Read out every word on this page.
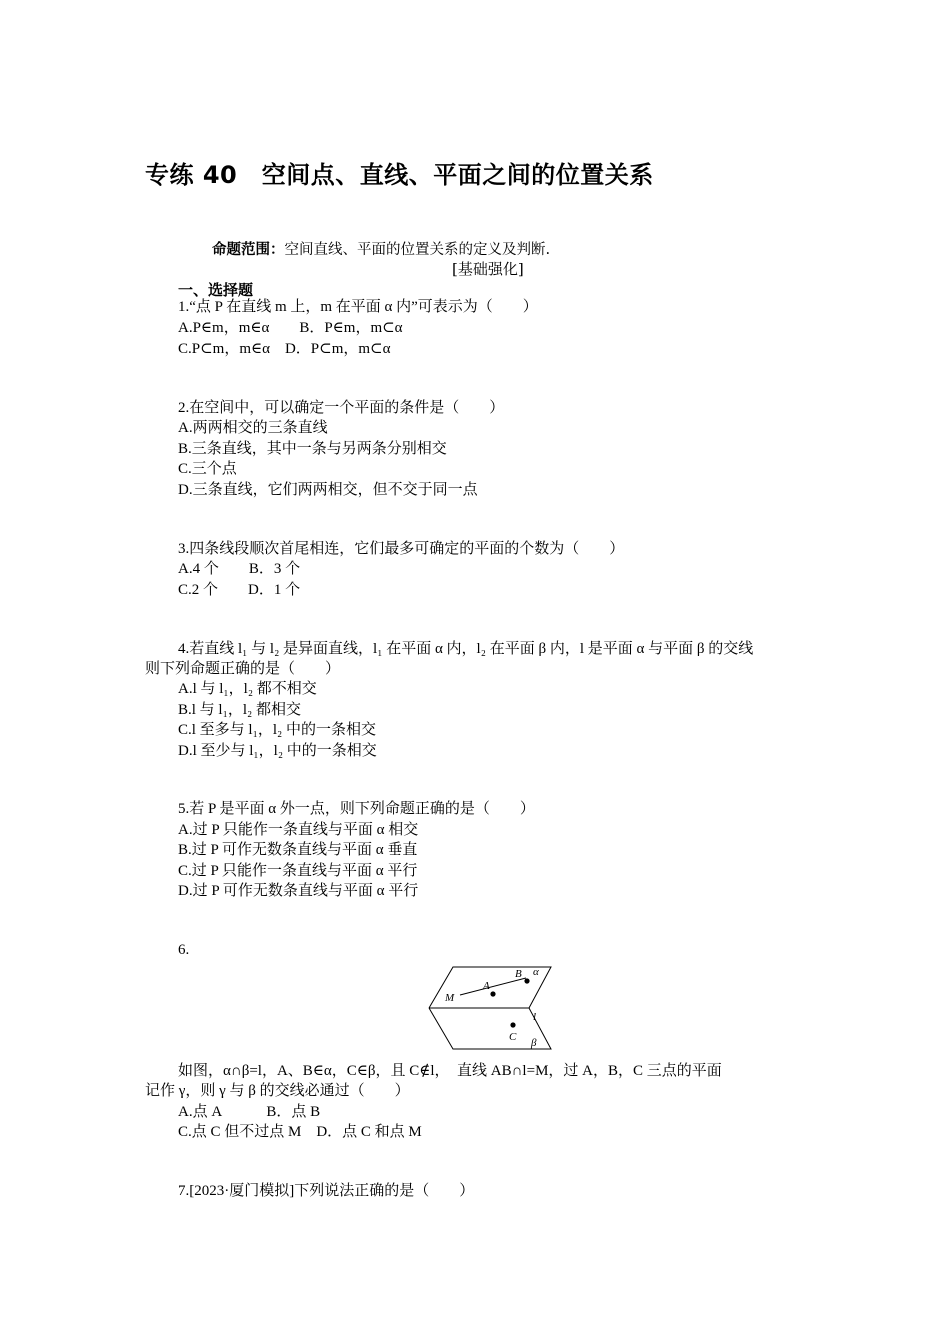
专练 40　空间点、直线、平面之间的位置关系
命题范围：空间直线、平面的位置关系的定义及判断.
[基础强化]
一、选择题
1.“点 P 在直线 m 上，m 在平面 α 内”可表示为（　　）
A.P∈m，m∈α　　B．P∈m，m⊂α
C.P⊂m，m∈α　D．P⊂m，m⊂α
2.在空间中，可以确定一个平面的条件是（　　）
A.两两相交的三条直线
B.三条直线，其中一条与另两条分别相交
C.三个点
D.三条直线，它们两两相交，但不交于同一点
3.四条线段顺次首尾相连，它们最多可确定的平面的个数为（　　）
A.4 个　　B．3 个
C.2 个　　D．1 个
4.若直线 l₁ 与 l₂ 是异面直线，l₁ 在平面 α 内，l₂ 在平面 β 内，l 是平面 α 与平面 β 的交线
则下列命题正确的是（　　）
A.l 与 l₁，l₂ 都不相交
B.l 与 l₁，l₂ 都相交
C.l 至多与 l₁，l₂ 中的一条相交
D.l 至少与 l₁，l₂ 中的一条相交
5.若 P 是平面 α 外一点，则下列命题正确的是（　　）
A.过 P 只能作一条直线与平面 α 相交
B.过 P 可作无数条直线与平面 α 垂直
C.过 P 只能作一条直线与平面 α 平行
D.过 P 可作无数条直线与平面 α 平行
6.
A
B α
M
l
C β
如图，α∩β=l，A、B∈α，C∈β，且 C∉l，　直线 AB∩l=M，过 A，B，C 三点的平面
记作 γ，则 γ 与 β 的交线必通过（　　）
A.点 A　　　B．点 B
C.点 C 但不过点 M　D．点 C 和点 M
7.[2023·厦门模拟]下列说法正确的是（　　）
